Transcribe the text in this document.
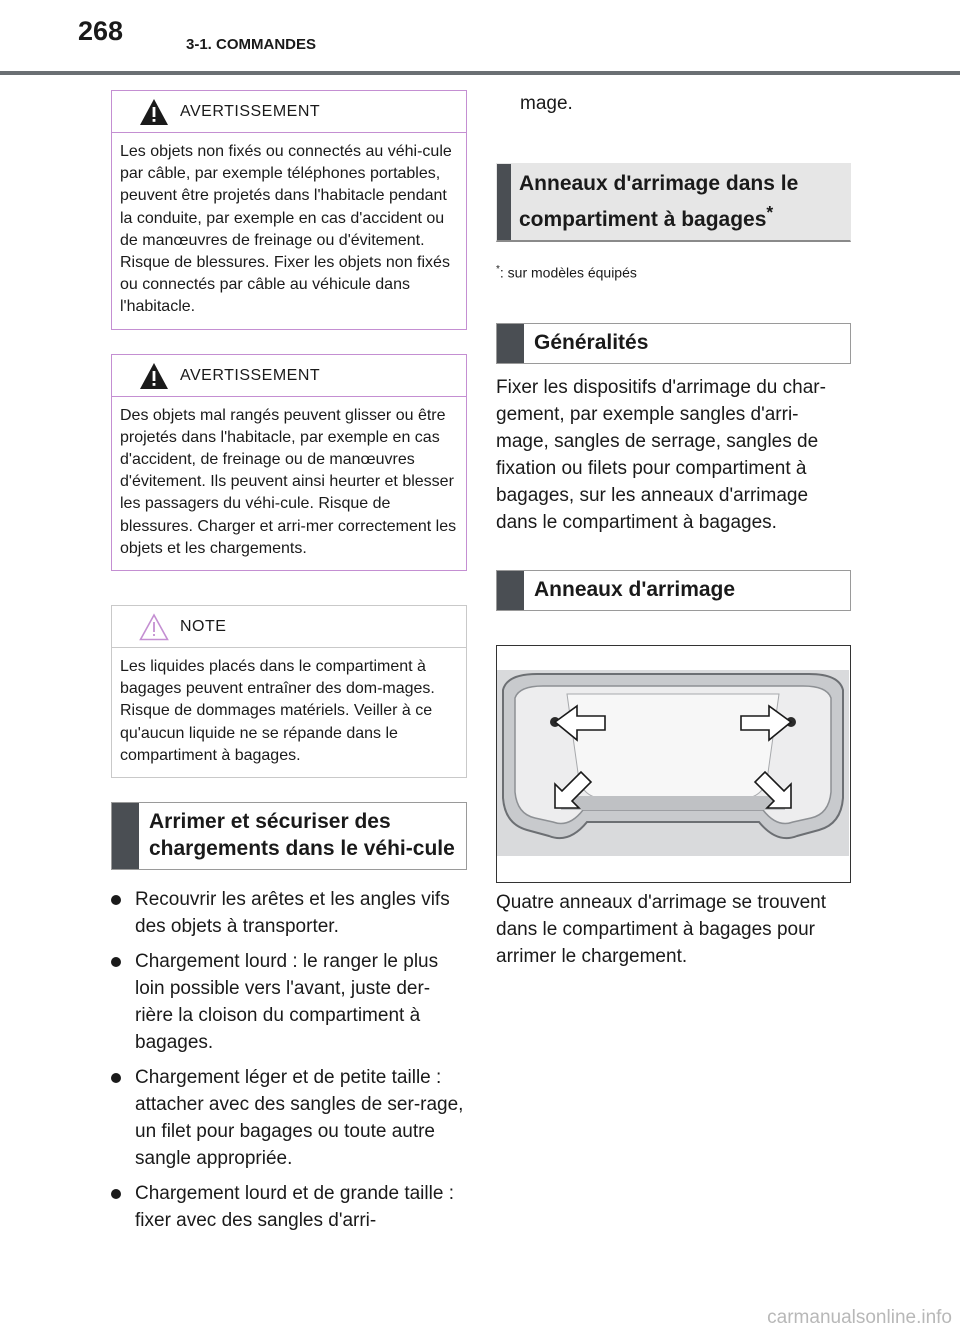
268	3-1. COMMANDES
AVERTISSEMENT
Les objets non fixés ou connectés au véhi-cule par câble, par exemple téléphones portables, peuvent être projetés dans l'habitacle pendant la conduite, par exemple en cas d'accident ou de manœuvres de freinage ou d'évitement. Risque de blessures. Fixer les objets non fixés ou connectés par câble au véhicule dans l'habitacle.
AVERTISSEMENT
Des objets mal rangés peuvent glisser ou être projetés dans l'habitacle, par exemple en cas d'accident, de freinage ou de manœuvres d'évitement. Ils peuvent ainsi heurter et blesser les passagers du véhi-cule. Risque de blessures. Charger et arri-mer correctement les objets et les chargements.
NOTE
Les liquides placés dans le compartiment à bagages peuvent entraîner des dom-mages. Risque de dommages matériels. Veiller à ce qu'aucun liquide ne se répande dans le compartiment à bagages.
Arrimer et sécuriser des chargements dans le véhi-cule
Recouvrir les arêtes et les angles vifs des objets à transporter.
Chargement lourd : le ranger le plus loin possible vers l'avant, juste der-rière la cloison du compartiment à bagages.
Chargement léger et de petite taille : attacher avec des sangles de ser-rage, un filet pour bagages ou toute autre sangle appropriée.
Chargement lourd et de grande taille : fixer avec des sangles d'arri-
mage.
Anneaux d'arrimage dans le compartiment à bagages*
*: sur modèles équipés
Généralités

Fixer les dispositifs d'arrimage du char-gement, par exemple sangles d'arri-mage, sangles de serrage, sangles de fixation ou filets pour compartiment à bagages, sur les anneaux d'arrimage dans le compartiment à bagages.

Anneaux d'arrimage

Quatre anneaux d'arrimage se trouvent dans le compartiment à bagages pour arrimer le chargement.

carmanualsonline.info
